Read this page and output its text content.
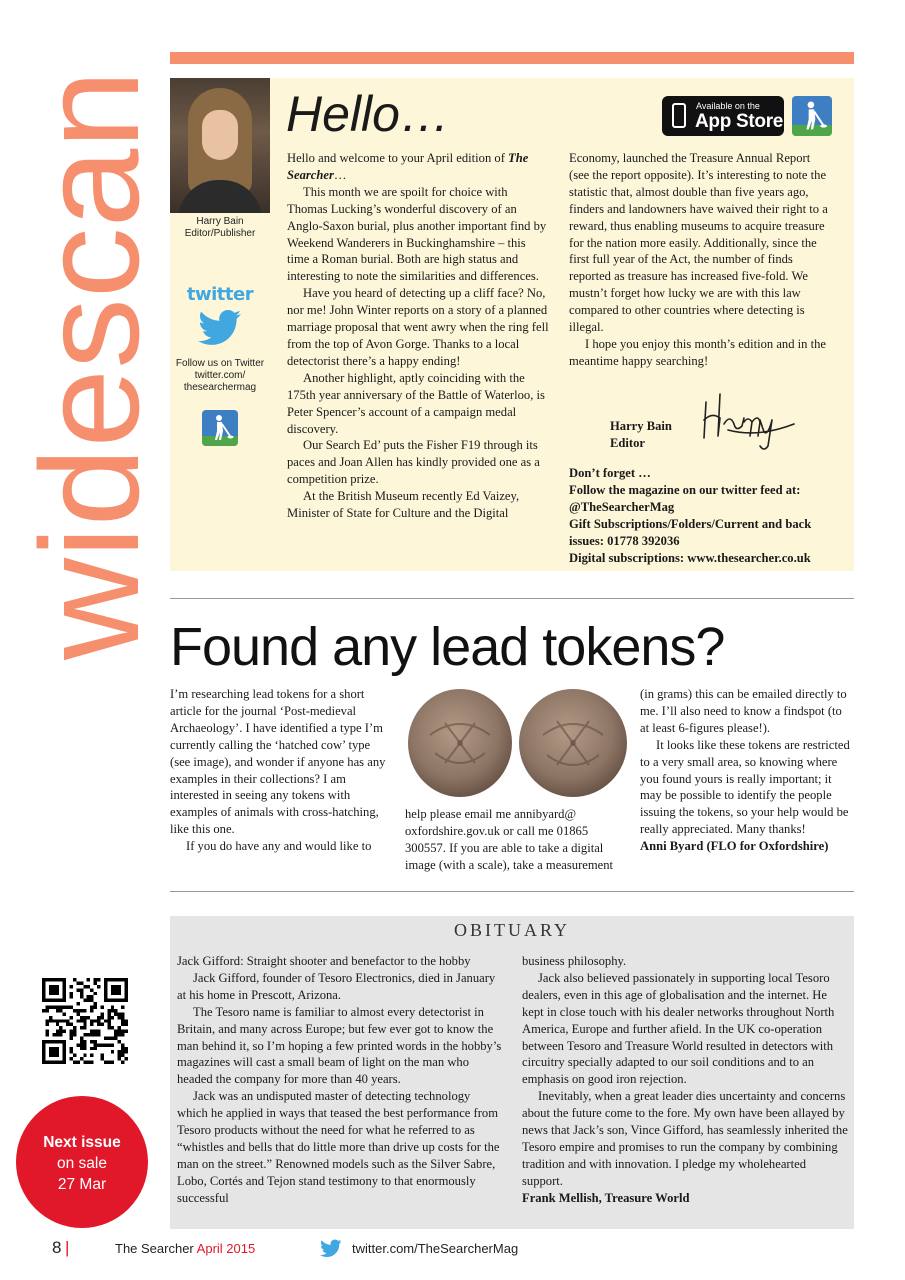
widescan	Harry Bain
Editor/Publisher
twitter
Follow us on Twitter
twitter.com/
thesearchermag
Hello…	Available on the
App Store

Hello and welcome to your April edition of The Searcher…

This month we are spoilt for choice with Thomas Lucking’s wonderful discovery of an Anglo-Saxon burial, plus another important find by Weekend Wanderers in Buckinghamshire – this time a Roman burial. Both are high status and interesting to note the similarities and differences.

Have you heard of detecting up a cliff face? No, nor me! John Winter reports on a story of a planned marriage proposal that went awry when the ring fell from the top of Avon Gorge. Thanks to a local detectorist there’s a happy ending!

Another highlight, aptly coinciding with the 175th year anniversary of the Battle of Waterloo, is Peter Spencer’s account of a campaign medal discovery.

Our Search Ed’ puts the Fisher F19 through its paces and Joan Allen has kindly provided one as a competition prize.

At the British Museum recently Ed Vaizey, Minister of State for Culture and the Digital

Economy, launched the Treasure Annual Report (see the report opposite). It’s interesting to note the statistic that, almost double than five years ago, finders and landowners have waived their right to a reward, thus enabling museums to acquire treasure for the nation more easily. Additionally, since the first full year of the Act, the number of finds reported as treasure has increased five-fold. We mustn’t forget how lucky we are with this law compared to other countries where detecting is illegal.

I hope you enjoy this month’s edition and in the meantime happy searching!

Harry Bain
Editor
Don’t forget …
Follow the magazine on our twitter feed at: @TheSearcherMag
Gift Subscriptions/Folders/Current and back issues: 01778 392036
Digital subscriptions: www.thesearcher.co.uk
Found any lead tokens?

I’m researching lead tokens for a short article for the journal ‘Post-medieval Archaeology’. I have identified a type I’m currently calling the ‘hatched cow’ type (see image), and wonder if anyone has any examples in their collections? I am interested in seeing any tokens with examples of animals with cross-hatching, like this one.

If you do have any and would like to

help please email me annibyard@ oxfordshire.gov.uk or call me 01865 300557. If you are able to take a digital image (with a scale), take a measurement

(in grams) this can be emailed directly to me. I’ll also need to know a findspot (to at least 6-figures please!).

It looks like these tokens are restricted to a very small area, so knowing where you found yours is really important; it may be possible to identify the people issuing the tokens, so your help would be really appreciated. Many thanks!

Anni Byard (FLO for Oxfordshire)

OBITUARY

Jack Gifford: Straight shooter and benefactor to the hobby

Jack Gifford, founder of Tesoro Electronics, died in January at his home in Prescott, Arizona.

The Tesoro name is familiar to almost every detectorist in Britain, and many across Europe; but few ever got to know the man behind it, so I’m hoping a few printed words in the hobby’s magazines will cast a small beam of light on the man who headed the company for more than 40 years.

Jack was an undisputed master of detecting technology which he applied in ways that teased the best performance from Tesoro products without the need for what he referred to as “whistles and bells that do little more than drive up costs for the man on the street.” Renowned models such as the Silver Sabre, Lobo, Cortés and Tejon stand testimony to that enormously successful

business philosophy.

Jack also believed passionately in supporting local Tesoro dealers, even in this age of globalisation and the internet. He kept in close touch with his dealer networks throughout North America, Europe and further afield. In the UK co-operation between Tesoro and Treasure World resulted in detectors with circuitry specially adapted to our soil conditions and to an emphasis on good iron rejection.

Inevitably, when a great leader dies uncertainty and concerns about the future come to the fore. My own have been allayed by news that Jack’s son, Vince Gifford, has seamlessly inherited the Tesoro empire and promises to run the company by combining tradition and with innovation. I pledge my wholehearted support.

Frank Mellish, Treasure World

Next issue
on sale
27 Mar
8 |	The Searcher April 2015	twitter.com/TheSearcherMag
